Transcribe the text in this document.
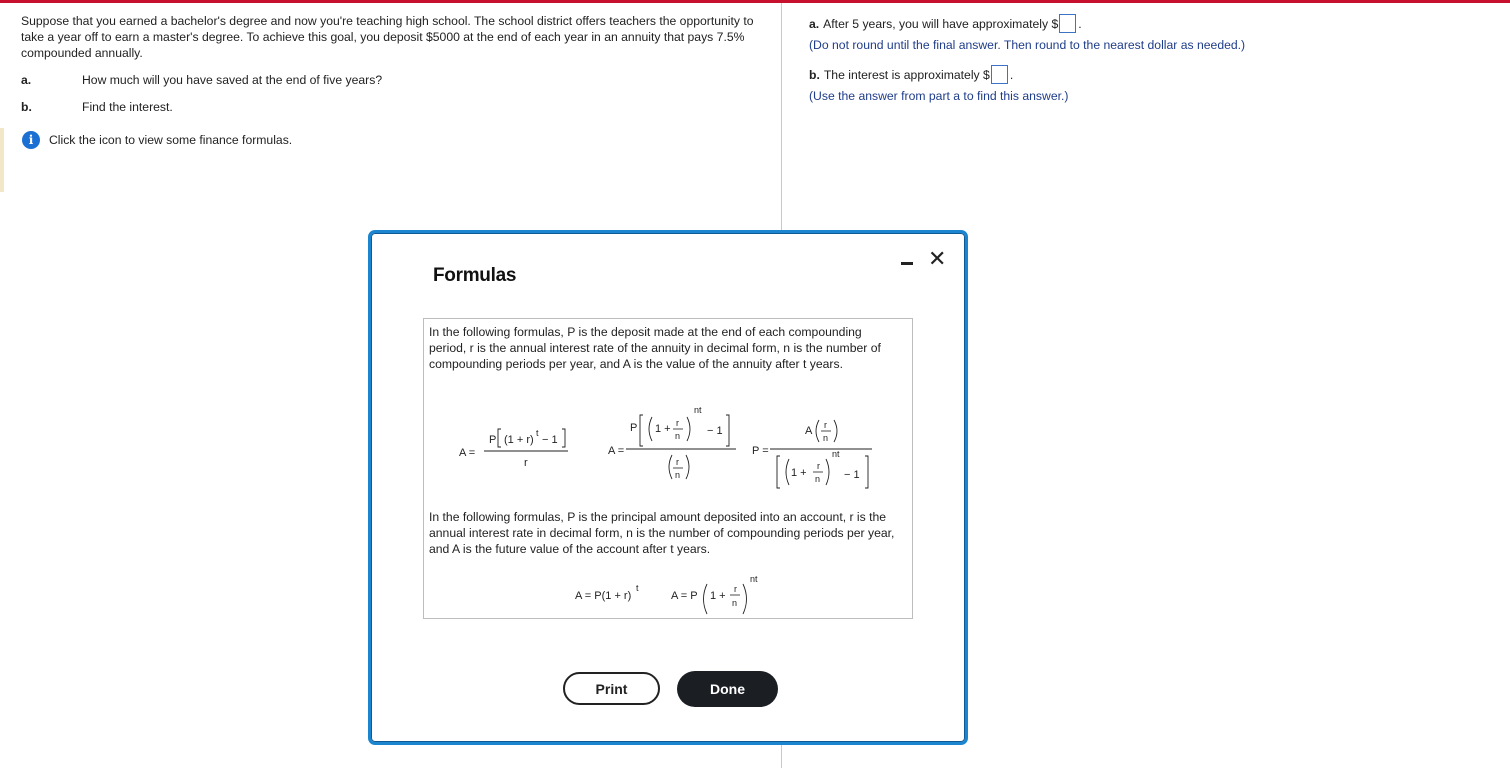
Suppose that you earned a bachelor's degree and now you're teaching high school. The school district offers teachers the opportunity to take a year off to earn a master's degree. To achieve this goal, you deposit $5000 at the end of each year in an annuity that pays 7.5% compounded annually.
a.	How much will you have saved at the end of five years?
b.	Find the interest.
i	Click the icon to view some finance formulas.
a. After 5 years, you will have approximately $ .
(Do not round until the final answer. Then round to the nearest dollar as needed.)
b. The interest is approximately $ .
(Use the answer from part a to find this answer.)
Formulas
✕
In the following formulas, P is the deposit made at the end of each compounding period, r is the annual interest rate of the annuity in decimal form, n is the number of compounding periods per year, and A is the value of the annuity after t years.
A =
P (1 + r)
t
− 1
r
A =
P 1 + r
n
nt
− 1
r
n
P =
A r
n
1 +
r
n
nt
− 1
In the following formulas, P is the principal amount deposited into an account, r is the annual interest rate in decimal form, n is the number of compounding periods per year, and A is the future value of the account after t years.
A = P(1 + r)
t
A = P 1 +
r
n
nt
Print	Done
